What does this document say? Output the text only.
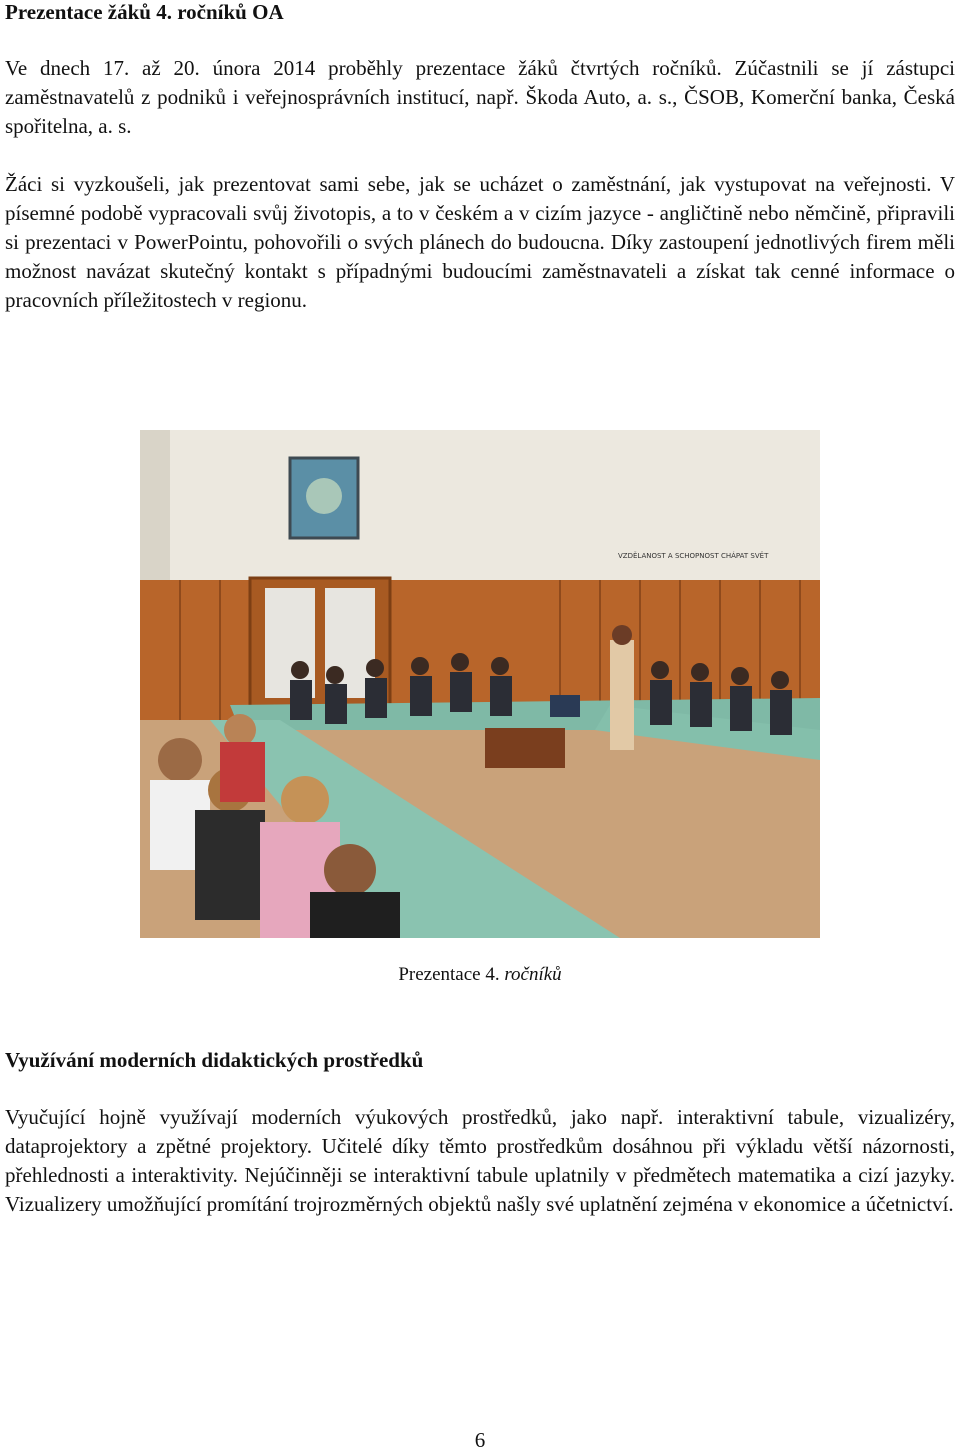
Prezentace žáků 4. ročníků OA

Ve dnech 17. až 20. února 2014 proběhly prezentace žáků čtvrtých ročníků. Zúčastnili se jí zástupci zaměstnavatelů z podniků i veřejnosprávních institucí, např. Škoda Auto, a. s., ČSOB, Komerční banka, Česká spořitelna, a. s.

Žáci si vyzkoušeli, jak prezentovat sami sebe, jak se ucházet o zaměstnání, jak vystupovat na veřejnosti. V písemné podobě vypracovali svůj životopis, a to v českém a v cizím jazyce - angličtině nebo němčině, připravili si prezentaci v PowerPointu, pohovořili o svých plánech do budoucna. Díky zastoupení jednotlivých firem měli možnost navázat skutečný kontakt s případnými budoucími zaměstnavateli a získat tak cenné informace o pracovních příležitostech v regionu.

VZDĚLANOST A SCHOPNOST CHÁPAT SVĚT
Prezentace 4. ročníků
Využívání moderních didaktických prostředků

Vyučující hojně využívají moderních výukových prostředků, jako např. interaktivní tabule, vizualizéry, dataprojektory a zpětné projektory. Učitelé díky těmto prostředkům dosáhnou při výkladu větší názornosti, přehlednosti a interaktivity. Nejúčinněji se interaktivní tabule uplatnily v předmětech matematika a cizí jazyky. Vizualizery umožňující promítání trojrozměrných objektů našly své uplatnění zejména v ekonomice a účetnictví.

6
